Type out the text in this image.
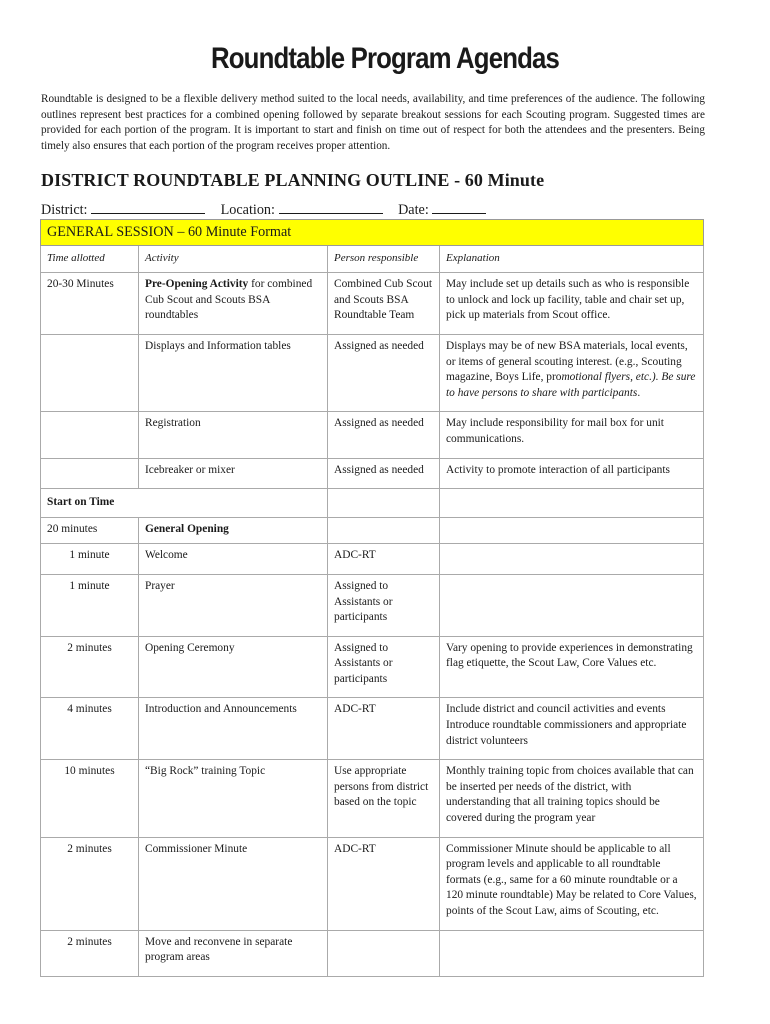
Roundtable Program Agendas
Roundtable is designed to be a flexible delivery method suited to the local needs, availability, and time preferences of the audience. The following outlines represent best practices for a combined opening followed by separate breakout sessions for each Scouting program. Suggested times are provided for each portion of the program. It is important to start and finish on time out of respect for both the attendees and the presenters. Being timely also ensures that each portion of the program receives proper attention.
DISTRICT ROUNDTABLE PLANNING OUTLINE - 60 Minute
District:	Location:	Date:
GENERAL SESSION – 60 Minute Format			
Time allotted	Activity	Person responsible	Explanation
20-30 Minutes	Pre-Opening Activity for combined Cub Scout and Scouts BSA roundtables	Combined Cub Scout and Scouts BSA Roundtable Team	May include set up details such as who is responsible to unlock and lock up facility, table and chair set up, pick up materials from Scout office.
	Displays and Information tables	Assigned as needed	Displays may be of new BSA materials, local events, or items of general scouting interest. (e.g., Scouting magazine, Boys Life, promotional flyers, etc.). Be sure to have persons to share with participants.
	Registration	Assigned as needed	May include responsibility for mail box for unit communications.
	Icebreaker or mixer	Assigned as needed	Activity to promote interaction of all participants
Start on Time			
20 minutes	General Opening		
1 minute	Welcome	ADC-RT	
1 minute	Prayer	Assigned to Assistants or participants	
2 minutes	Opening Ceremony	Assigned to Assistants or participants	Vary opening to provide experiences in demonstrating flag etiquette, the Scout Law, Core Values etc.
4 minutes	Introduction and Announcements	ADC-RT	Include district and council activities and events Introduce roundtable commissioners and appropriate district volunteers
10 minutes	“Big Rock” training Topic	Use appropriate persons from district based on the topic	Monthly training topic from choices available that can be inserted per needs of the district, with understanding that all training topics should be covered during the program year
2 minutes	Commissioner Minute	ADC-RT	Commissioner Minute should be applicable to all program levels and applicable to all roundtable formats (e.g., same for a 60 minute roundtable or a 120 minute roundtable) May be related to Core Values, points of the Scout Law, aims of Scouting, etc.
2 minutes	Move and reconvene in separate program areas		
